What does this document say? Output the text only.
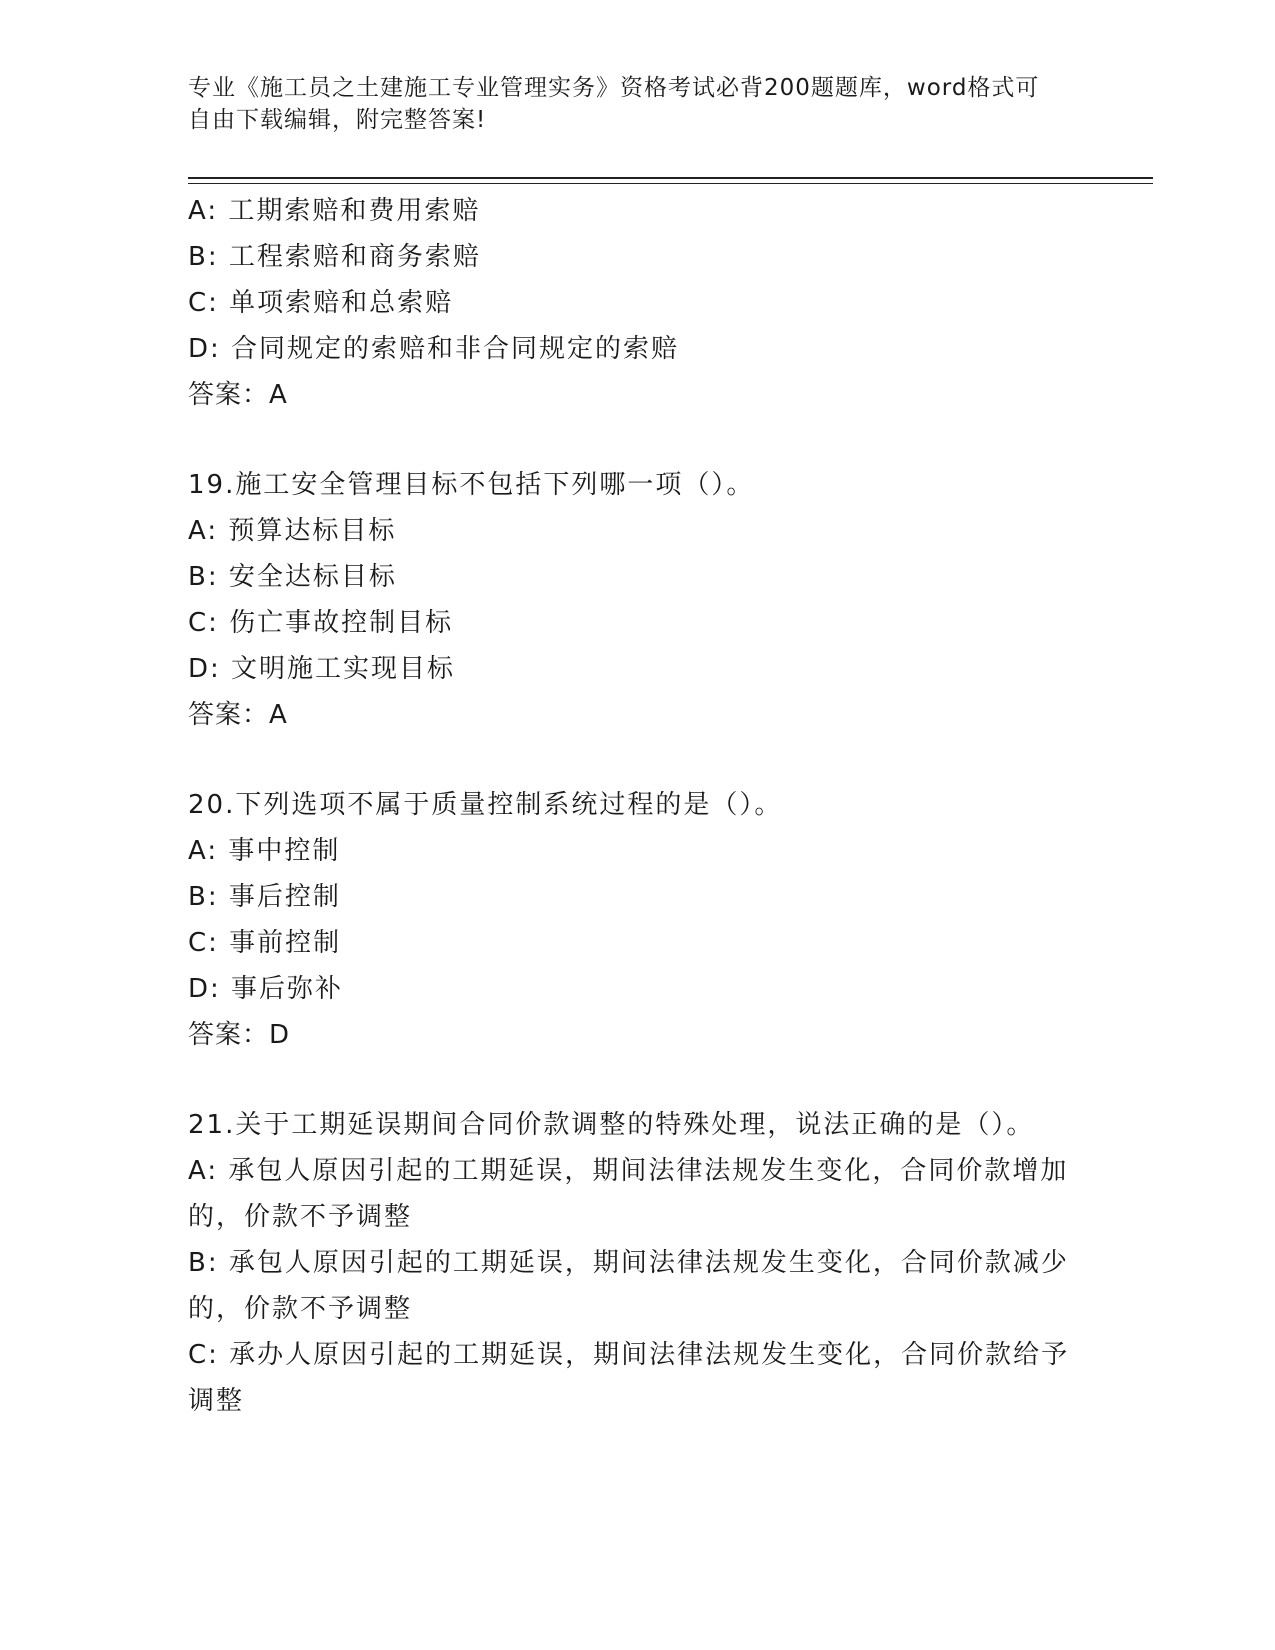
专业《施工员之土建施工专业管理实务》资格考试必背200题题库，word格式可
自由下载编辑，附完整答案!
A: 工期索赔和费用索赔
B: 工程索赔和商务索赔
C: 单项索赔和总索赔
D: 合同规定的索赔和非合同规定的索赔
答案：A
19.施工安全管理目标不包括下列哪一项（）。
A: 预算达标目标
B: 安全达标目标
C: 伤亡事故控制目标
D: 文明施工实现目标
答案：A
20.下列选项不属于质量控制系统过程的是（）。
A: 事中控制
B: 事后控制
C: 事前控制
D: 事后弥补
答案：D
21.关于工期延误期间合同价款调整的特殊处理，说法正确的是（）。
A: 承包人原因引起的工期延误，期间法律法规发生变化，合同价款增加的，价款不予调整
B: 承包人原因引起的工期延误，期间法律法规发生变化，合同价款减少的，价款不予调整
C: 承办人原因引起的工期延误，期间法律法规发生变化，合同价款给予调整
